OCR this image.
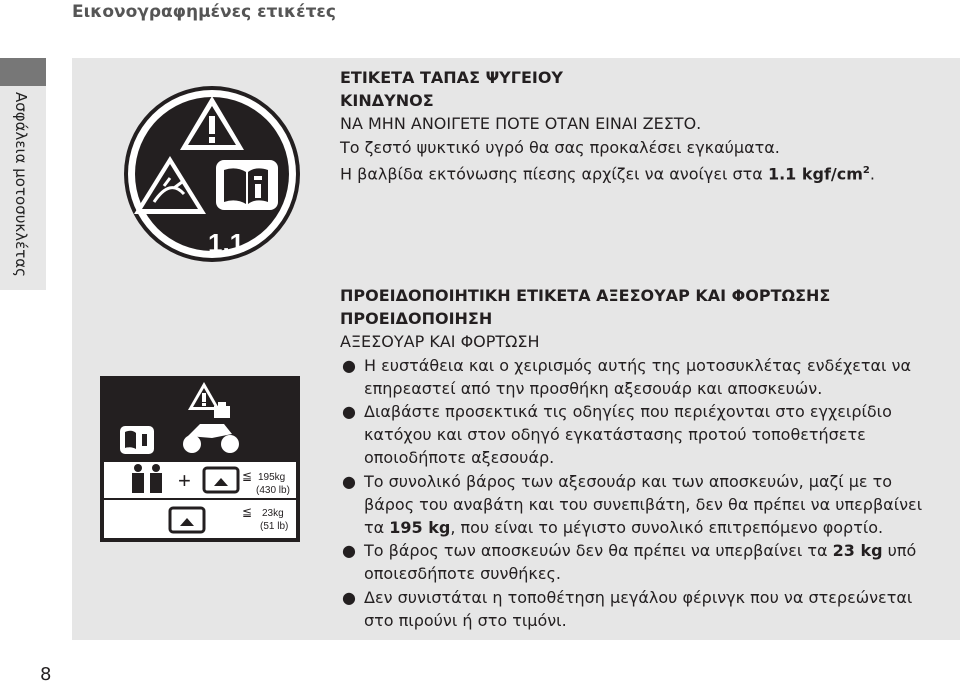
Εικονογραφημένες ετικέτες
Ασφάλεια μοτοσυκλέτας	1.1
+	≦ 195kg
(430 lb)
≦ 23kg
(51 lb)
ΕΤΙΚΕΤΑ ΤΑΠΑΣ ΨΥΓΕΙΟΥ
ΚΙΝΔΥΝΟΣ
ΝΑ ΜΗΝ ΑΝΟΙΓΕΤΕ ΠΟΤΕ ΟΤΑΝ ΕΙΝΑΙ ΖΕΣΤΟ.
Το ζεστό ψυκτικό υγρό θα σας προκαλέσει εγκαύματα.
Η βαλβίδα εκτόνωσης πίεσης αρχίζει να ανοίγει στα 1.1 kgf/$cm^2$.
ΠΡΟΕΙΔΟΠΟΙΗΤΙΚΗ ΕΤΙΚΕΤΑ ΑΞΕΣΟΥΑΡ ΚΑΙ ΦΟΡΤΩΣΗΣ
ΠΡΟΕΙΔΟΠΟΙΗΣΗ
ΑΞΕΣΟΥΑΡ ΚΑΙ ΦΟΡΤΩΣΗ
● Η ευστάθεια και ο χειρισμός αυτής της μοτοσυκλέτας ενδέχεται να επηρεαστεί από την προσθήκη αξεσουάρ και αποσκευών.
● Διαβάστε προσεκτικά τις οδηγίες που περιέχονται στο εγχειρίδιο κατόχου και στον οδηγό εγκατάστασης προτού τοποθετήσετε οποιοδήποτε αξεσουάρ.
● Το συνολικό βάρος των αξεσουάρ και των αποσκευών, μαζί με το βάρος του αναβάτη και του συνεπιβάτη, δεν θα πρέπει να υπερβαίνει τα 195 kg, που είναι το μέγιστο συνολικό επιτρεπόμενο φορτίο.
● Το βάρος των αποσκευών δεν θα πρέπει να υπερβαίνει τα 23 kg υπό οποιεσδήποτε συνθήκες.
● Δεν συνιστάται η τοποθέτηση μεγάλου φέρινγκ που να στερεώνεται στο πιρούνι ή στο τιμόνι.
8
